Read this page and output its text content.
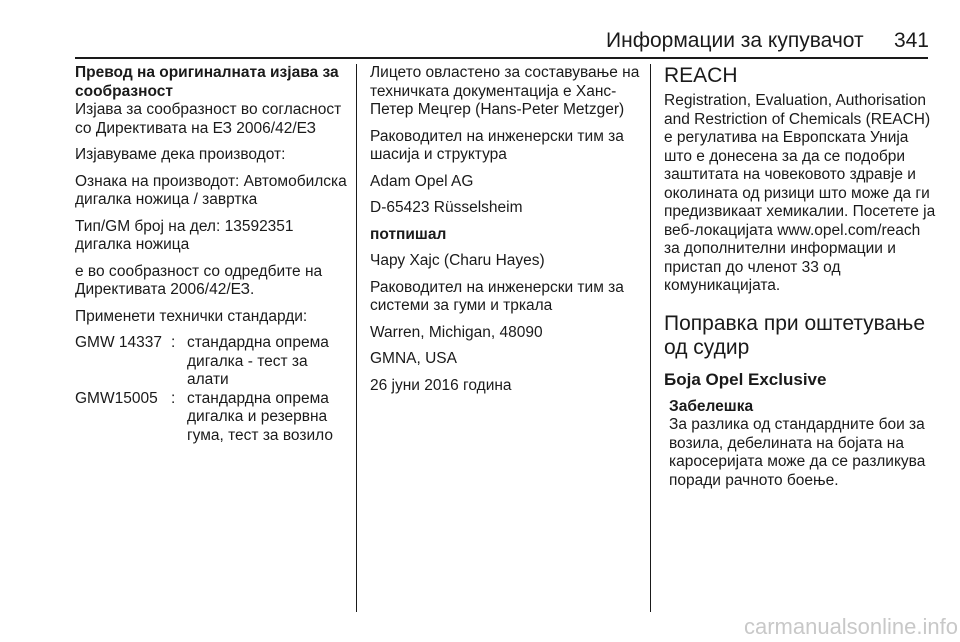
Информации за купувачот	341

Превод на оригиналната изјава за сообразност

Изјава за сообразност во согласност со Директивата на ЕЗ 2006/42/ЕЗ

Изјавуваме дека производот:

Ознака на производот: Автомобилска дигалка ножица / завртка

Тип/GM број на дел: 13592351 дигалка ножица

е во сообразност со одредбите на Директивата 2006/42/ЕЗ.

Применети технички стандарди:

GMW 14337 : стандардна опрема дигалка - тест за алати
GMW15005 : стандардна опрема дигалка и резервна гума, тест за возило

Лицето овластено за составување на техничката документација е Ханс-Петер Мецгер (Hans-Peter Metzger)

Раководител на инженерски тим за шасија и структура

Adam Opel AG

D-65423 Rüsselsheim

потпишал

Чару Хајс (Charu Hayes)

Раководител на инженерски тим за системи за гуми и тркала

Warren, Michigan, 48090

GMNA, USA

26 јуни 2016 година

REACH

Registration, Evaluation, Authorisation and Restriction of Chemicals (REACH) е регулатива на Европската Унија што е донесена за да се подобри заштитата на човековото здравје и околината од ризици што може да ги предизвикаат хемикалии. Посетете ја веб-локацијата www.opel.com/reach за дополнителни информации и пристап до членот 33 од комуникацијата.

Поправка при оштетување од судир
Боја Opel Exclusive

Забелешка

За разлика од стандардните бои за возила, дебелината на бојата на каросеријата може да се разликува поради рачното боење.

carmanualsonline.info
